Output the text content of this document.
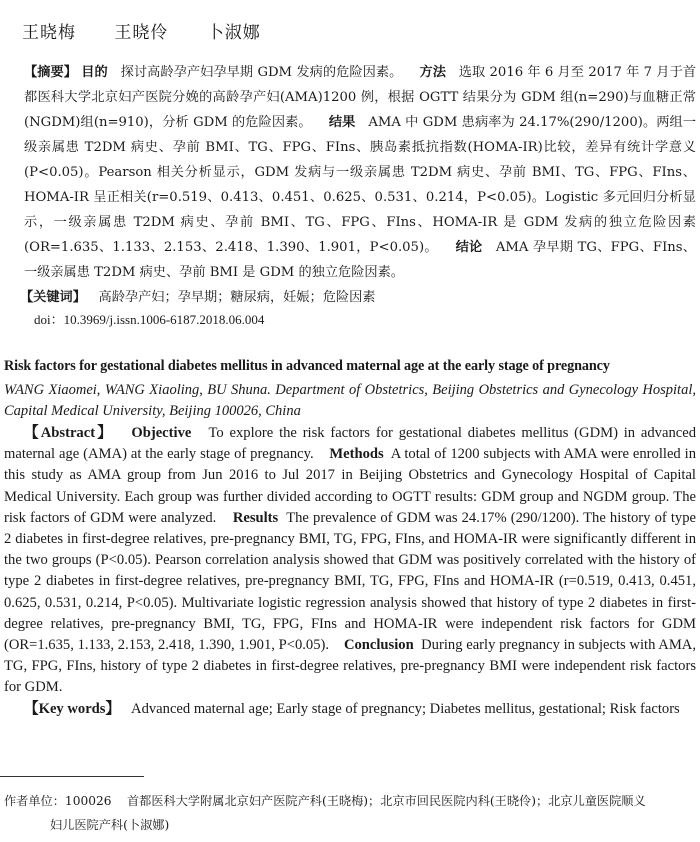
王晓梅 王晓伶 卜淑娜
【摘要】 目的 探讨高龄孕产妇孕早期 GDM 发病的危险因素。 方法 选取 2016 年 6 月至 2017 年 7 月于首都医科大学北京妇产医院分娩的高龄孕产妇(AMA)1200 例，根据 OGTT 结果分为 GDM 组(n=290)与血糖正常(NGDM)组(n=910)，分析 GDM 的危险因素。 结果 AMA 中 GDM 患病率为 24.17%(290/1200)。两组一级亲属患 T2DM 病史、孕前 BMI、TG、FPG、FIns、胰岛素抵抗指数(HOMA-IR)比较，差异有统计学意义(P<0.05)。Pearson 相关分析显示，GDM 发病与一级亲属患 T2DM 病史、孕前 BMI、TG、FPG、FIns、HOMA-IR 呈正相关(r=0.519、0.413、0.451、0.625、0.531、0.214，P<0.05)。Logistic 多元回归分析显示，一级亲属患 T2DM 病史、孕前 BMI、TG、FPG、FIns、HOMA-IR 是 GDM 发病的独立危险因素(OR=1.635、1.133、2.153、2.418、1.390、1.901，P<0.05)。 结论 AMA 孕早期 TG、FPG、FIns、一级亲属患 T2DM 病史、孕前 BMI 是 GDM 的独立危险因素。
【关键词】 高龄孕产妇；孕早期；糖尿病，妊娠；危险因素
doi：10.3969/j.issn.1006-6187.2018.06.004
Risk factors for gestational diabetes mellitus in advanced maternal age at the early stage of pregnancy
WANG Xiaomei, WANG Xiaoling, BU Shuna. Department of Obstetrics, Beijing Obstetrics and Gynecology Hospital, Capital Medical University, Beijing 100026, China

【Abstract】 Objective To explore the risk factors for gestational diabetes mellitus (GDM) in advanced maternal age (AMA) at the early stage of pregnancy. Methods A total of 1200 subjects with AMA were enrolled in this study as AMA group from Jun 2016 to Jul 2017 in Beijing Obstetrics and Gynecology Hospital of Capital Medical University. Each group was further divided according to OGTT results: GDM group and NGDM group. The risk factors of GDM were analyzed. Results The prevalence of GDM was 24.17% (290/1200). The history of type 2 diabetes in first-degree relatives, pre-pregnancy BMI, TG, FPG, FIns, and HOMA-IR were significantly different in the two groups (P<0.05). Pearson correlation analysis showed that GDM was positively correlated with the history of type 2 diabetes in first-degree relatives, pre-pregnancy BMI, TG, FPG, FIns and HOMA-IR (r=0.519, 0.413, 0.451, 0.625, 0.531, 0.214, P<0.05). Multivariate logistic regression analysis showed that history of type 2 diabetes in first-degree relatives, pre-pregnancy BMI, TG, FPG, FIns and HOMA-IR were independent risk factors for GDM (OR=1.635, 1.133, 2.153, 2.418, 1.390, 1.901, P<0.05). Conclusion During early pregnancy in subjects with AMA, TG, FPG, FIns, history of type 2 diabetes in first-degree relatives, pre-pregnancy BMI were independent risk factors for GDM.

【Key words】 Advanced maternal age; Early stage of pregnancy; Diabetes mellitus, gestational; Risk factors

作者单位：100026 首都医科大学附属北京妇产医院产科(王晓梅)；北京市回民医院内科(王晓伶)；北京儿童医院顺义
妇儿医院产科(卜淑娜)
